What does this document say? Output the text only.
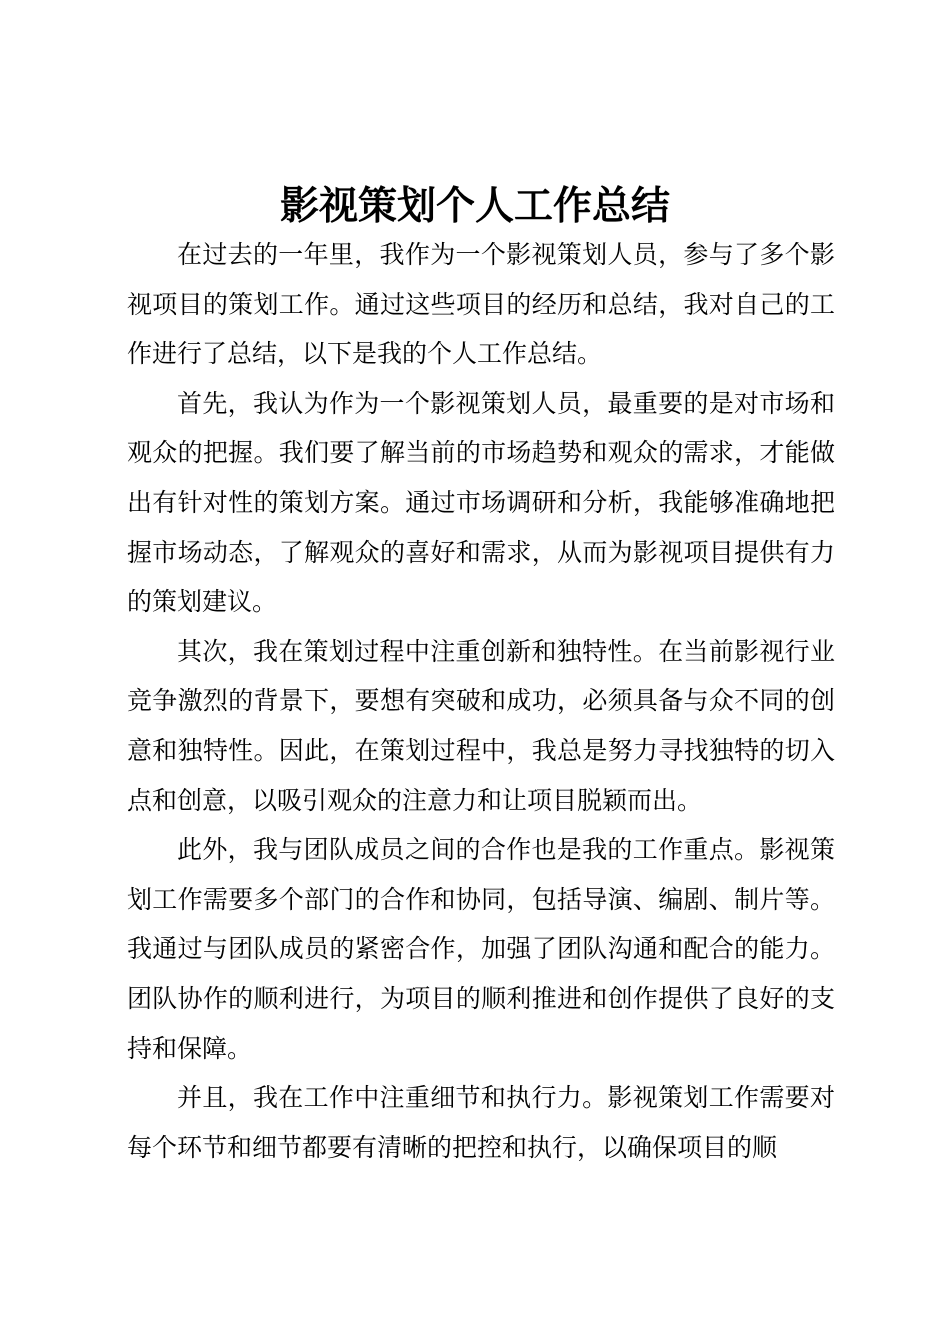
影视策划个人工作总结

在过去的一年里，我作为一个影视策划人员，参与了多个影视项目的策划工作。通过这些项目的经历和总结，我对自己的工作进行了总结，以下是我的个人工作总结。

首先，我认为作为一个影视策划人员，最重要的是对市场和观众的把握。我们要了解当前的市场趋势和观众的需求，才能做出有针对性的策划方案。通过市场调研和分析，我能够准确地把握市场动态，了解观众的喜好和需求，从而为影视项目提供有力的策划建议。

其次，我在策划过程中注重创新和独特性。在当前影视行业竞争激烈的背景下，要想有突破和成功，必须具备与众不同的创意和独特性。因此，在策划过程中，我总是努力寻找独特的切入点和创意，以吸引观众的注意力和让项目脱颖而出。

此外，我与团队成员之间的合作也是我的工作重点。影视策划工作需要多个部门的合作和协同，包括导演、编剧、制片等。我通过与团队成员的紧密合作，加强了团队沟通和配合的能力。团队协作的顺利进行，为项目的顺利推进和创作提供了良好的支持和保障。

并且，我在工作中注重细节和执行力。影视策划工作需要对每个环节和细节都要有清晰的把控和执行，以确保项目的顺
